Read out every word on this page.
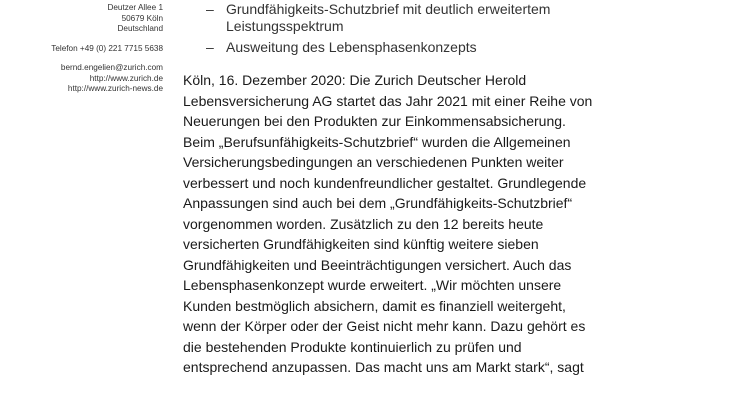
Deutzer Allee 1
50679 Köln
Deutschland
Telefon +49 (0) 221 7715 5638
bernd.engelien@zurich.com
http://www.zurich.de
http://www.zurich-news.de
– Grundfähigkeits-Schutzbrief mit deutlich erweitertem
Leistungsspektrum
– Ausweitung des Lebensphasenkonzepts

Köln, 16. Dezember 2020: Die Zurich Deutscher Herold

Lebensversicherung AG startet das Jahr 2021 mit einer Reihe von

Neuerungen bei den Produkten zur Einkommensabsicherung.

Beim „Berufsunfähigkeits-Schutzbrief“ wurden die Allgemeinen

Versicherungsbedingungen an verschiedenen Punkten weiter

verbessert und noch kundenfreundlicher gestaltet. Grundlegende

Anpassungen sind auch bei dem „Grundfähigkeits-Schutzbrief“

vorgenommen worden. Zusätzlich zu den 12 bereits heute

versicherten Grundfähigkeiten sind künftig weitere sieben

Grundfähigkeiten und Beeinträchtigungen versichert. Auch das

Lebensphasenkonzept wurde erweitert. „Wir möchten unsere

Kunden bestmöglich absichern, damit es finanziell weitergeht,

wenn der Körper oder der Geist nicht mehr kann. Dazu gehört es

die bestehenden Produkte kontinuierlich zu prüfen und

entsprechend anzupassen. Das macht uns am Markt stark“, sagt
